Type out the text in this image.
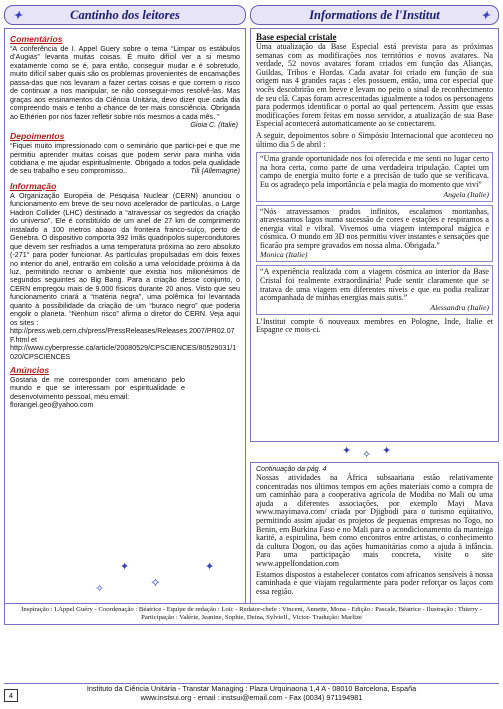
✦	Cantinho dos leitores
Comentários

“A conferência de I. Appel Guery sobre o tema “Limpar os estábulos d’Augias” levanta muitas coisas. É muito difícil ver a si mesmo exatamente como se é, para então, conseguir mudar e é sobretudo, muito difícil saber quais são os problemas provenientes de encamações passa-das que nos levaram a fazer certas coisas e que correm o risco de continuar a nos manipular, se não conseguir-mos resolvê-las. Mas graças aos ensinamentos da Ciência Unitária, devo dizer que cada dia compreendo mais e tenho a chance de ter mais consciência. Obrigada ao Ethérien por nos fazer refletir sobre nós mesmos a cada mês. ”

Gioia C. (Italie)

Depoimentos

“Fiquei muito impressionado com o seminário que partici-pei e que me permitiu aprender muitas coisas que podem servir para minha vida cotidiana e me ajudar espiritualmente. Obrigado a todos pela qualidade de seu trabalho e seu compromisso..	Tili (Allemagne)

Informação

A Organização Européia de Pesquisa Nuclear (CERN) anunciou o funcionamento em breve de seu novo acelerador de partículas, o Large Hadron Collider (LHC) destinado a “atravessar os segredos da criação do universo”. Ele é constituído de um anel de 27 km de comprimento instalado a 100 metros abaixo da fronteira franco-suíço, perto de Genebra. O dispositivo comporta 392 ímãs quadripolos supercondutores que devem ser resfriados a uma temperatura próxima ao zero absoluto (-271° para poder funcionar. As partículas propulsadas em dois feixes no interior do anel, entrarão em colisão a uma velocidade próxima à da luz, permitindo recriar o ambiente que existia nos milionésimos de segundos seguintes ao Big Bang. Para a criação desse conjunto, o CERN empregou mais de 9.000 físicos durante 20 anos. Visto que seu funcionamento criará a “matéria negra”, uma polêmica foi levantada quanto à possibilidade da criação de um “buraco negro” que poderia engolir o planeta. “Nenhum risco” afirma o diretor do CERN. Veja aqui os sites :

http://press.web.cern.ch/press/PressReleases/Releases 2007/PR02.07F.html et

http://www.cyberpresse.ca/article/20080529/CPSCIENCES/80529031/1020/CPSCIENCES

Anúncios

Gostaria de me corresponder com americano pelo mundo e que se interessam por espiritualidade e desenvolvimento pessoal, meu email:

florangel.geo@yahoo.com

Informations de l'Institut	✦
Base especial cristale

Uma atualização da Base Especial está prevista para as próximas semanas com as modificações nos territórios e novos avatares. Na verdade, 52 novos avatares foram criados em função das Alianças, Guildas, Tribos e Hordas. Cada avatar foi criado em função de sua origem nas 4 grandes raças : eles possuem, então, uma cor especial que vocês descobrirão em breve e levam no peito o sinal de reconhecimento de seu clã. Capas foram acrescentadas igualmente a todos os personagens para podermos identificar o portal ao qual pertencem. Assim que essas modificações forem feitas em nosso servidor, a atualização de sua Base Especial acontecerá automaticamente ao se conectarem.

A seguir, depoimentos sobre o Simpósio Internacional que aconteceu no último dia 5 de abril :

“Uma grande oportunidade nos foi oferecida e me senti no lugar certo na hora certa, como parte de uma verdadeira tripulação. Captei um campo de energia muito forte e a precisão de tudo que se verificava. Eu os agradeço pela importância e pela magia do momento que vivi”

Angela (Italie)

“Nós atravessamos prados infinitos, escalamos montanhas, atravessamos lagos numa sucessão de cores e estações e respiramos a energia vital e vibral. Vivemos uma viagem intemporal mágica e cósmica. O mundo em 3D nos permitiu viver instantes e sensações que ficarão pra sempre gravados em nossa alma. Obrigada.”

Monica (Italie)

“A experiência realizada com a viagem cósmica ao interior da Base Cristal foi realmente extraordinária! Pude sentir claramente que se tratava de uma viagem em diferentes níveis e que eu podia realizar acompanhada de minhas energias mais sutis.”

Alessandra (Italie)

L’Institut compte 6 nouveaux membres en Pologne, Inde, Italie et Espagne ce mois-ci.

✦ ✧ ✦

Continuação da pág. 4

Nossas atividades na África subsaariana estão relativamente concentradas nos últimos tempos em ações materiais como a compra de um caminhão para a cooperativa agrícola de Modiba no Mali ou uma ajuda a diferentes associações, por exemplo Mayi Mava www.mayimava.com/ criada por Djigbodi para o turismo eqüitativo, permitindo assim ajudar os projetos de pequenas empresas no Togo, no Benin, em Burkina Faso e no Mali para o acondicionamento da manteiga karité, a espirulina, bem como encontros entre artistas, o conhecimento da cultura Dogon, ou das ações humanitárias como a ajuda à infância. Para uma participação mais concreta, visite o site www.appelfondation.com

Estamos dispostos a estabelecer contatos com africanos sensíveis à nossa caminhada e que viajam regularmente para poder reforçar os laços com essa região.

✦
✧
✦
✧
Inspiração : I.Appel Guéry - Coordenação : Béatrice - Equipe de redação : Loïc - Redator-chefe : Vincent, Annette, Mona - Edição : Pascale, Béatrice - Ilustração : Thierry - Participação : Valérie, Jeanine, Sophie, Deina, SylvieIl., Victor- Tradução: Marlize
4
Instituto da Ciência Unitária - Transtar Managing : Plaza Urquinaona 1,4 A - 08010 Barcelona, España
www.instsui.org - email : instsui@email.com - Fax (0034) 971194981
